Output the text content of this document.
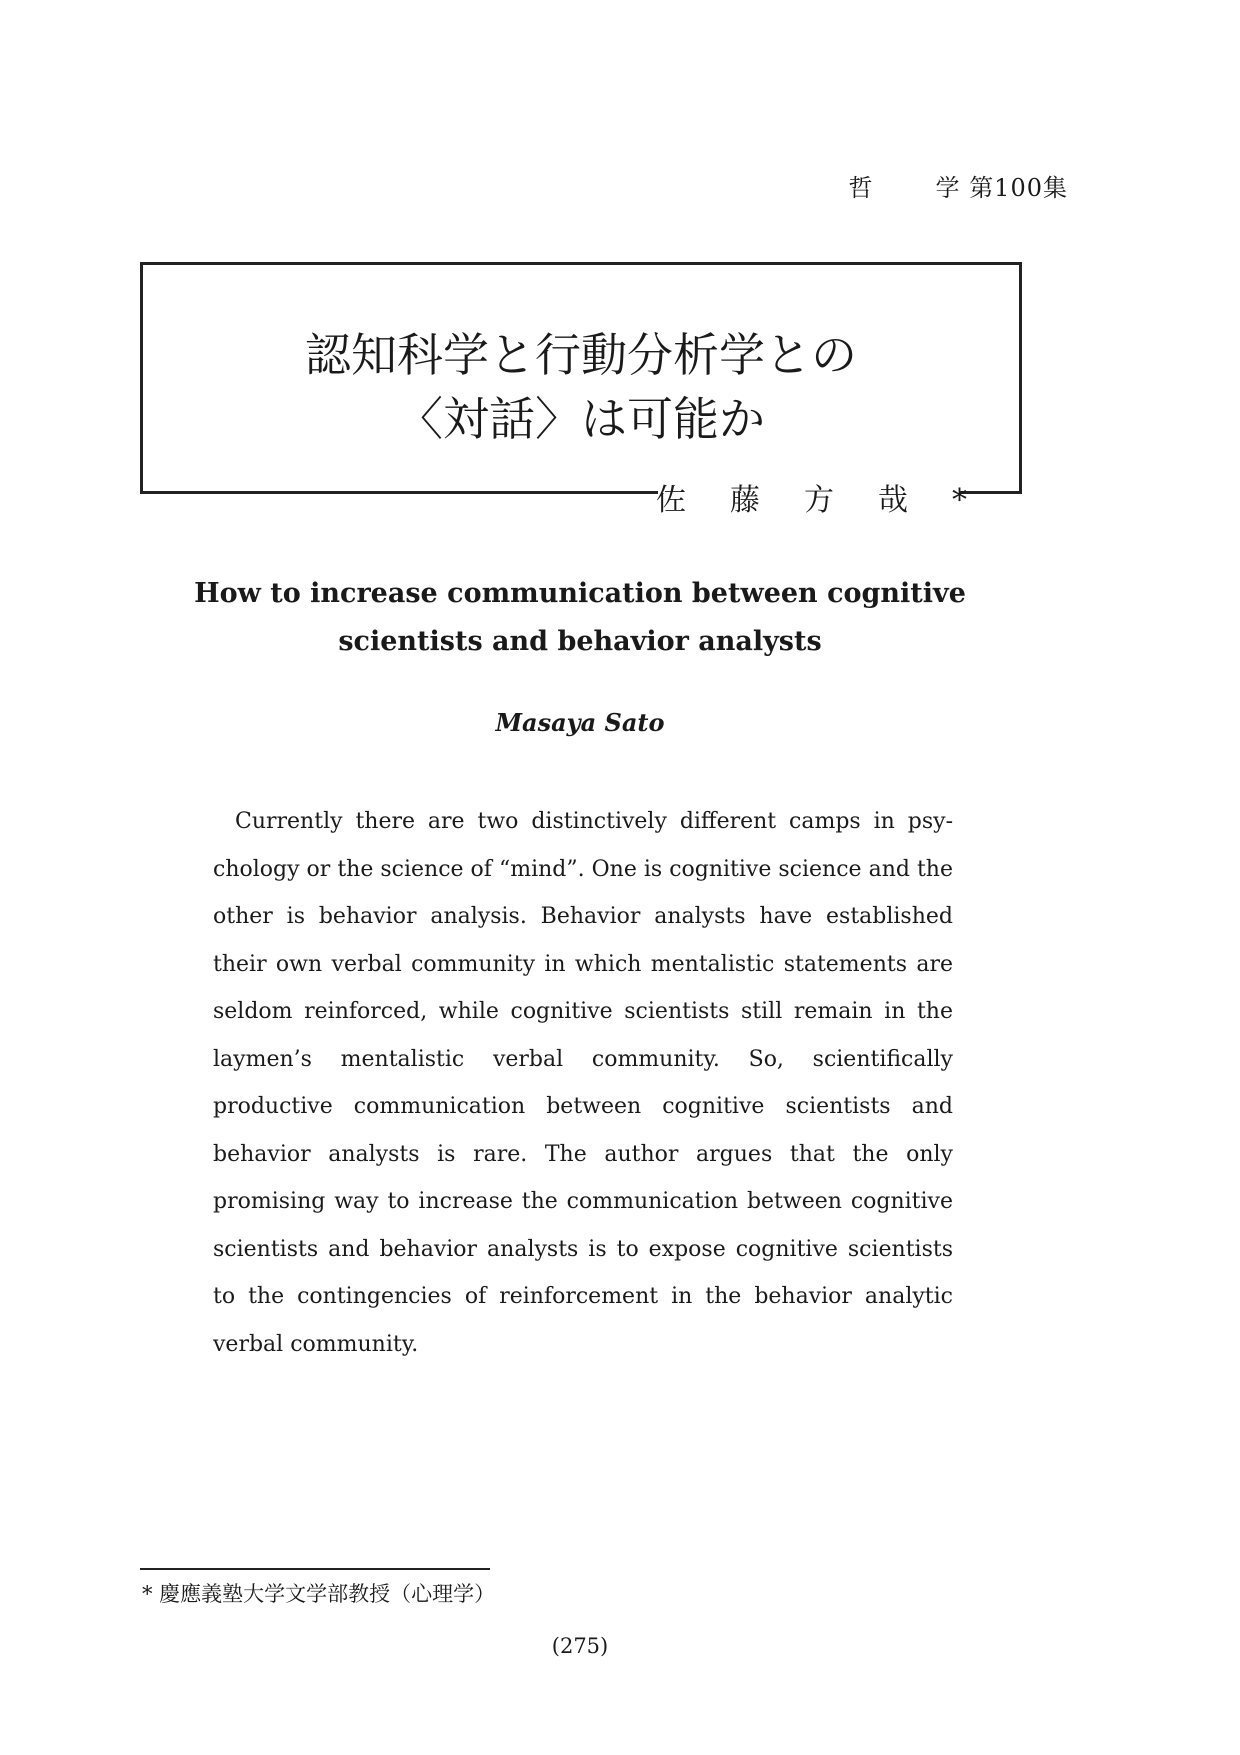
哲	学 第100集
認知科学と行動分析学との
〈対話〉は可能か
佐藤方哉*
How to increase communication between cognitive
scientists and behavior analysts
Masaya Sato

Currently there are two distinctively different camps in psychology or the science of “mind”. One is cognitive science and the other is behavior analysis. Behavior analysts have established their own verbal community in which mentalistic statements are seldom reinforced, while cognitive scientists still remain in the laymen’s mentalistic verbal community. So, scientifically productive communication between cognitive scientists and behavior analysts is rare. The author argues that the only promising way to increase the communication between cognitive scientists and behavior analysts is to expose cognitive scientists to the contingencies of reinforcement in the behavior analytic verbal community.

* 慶應義塾大学文学部教授（心理学）
(275)
